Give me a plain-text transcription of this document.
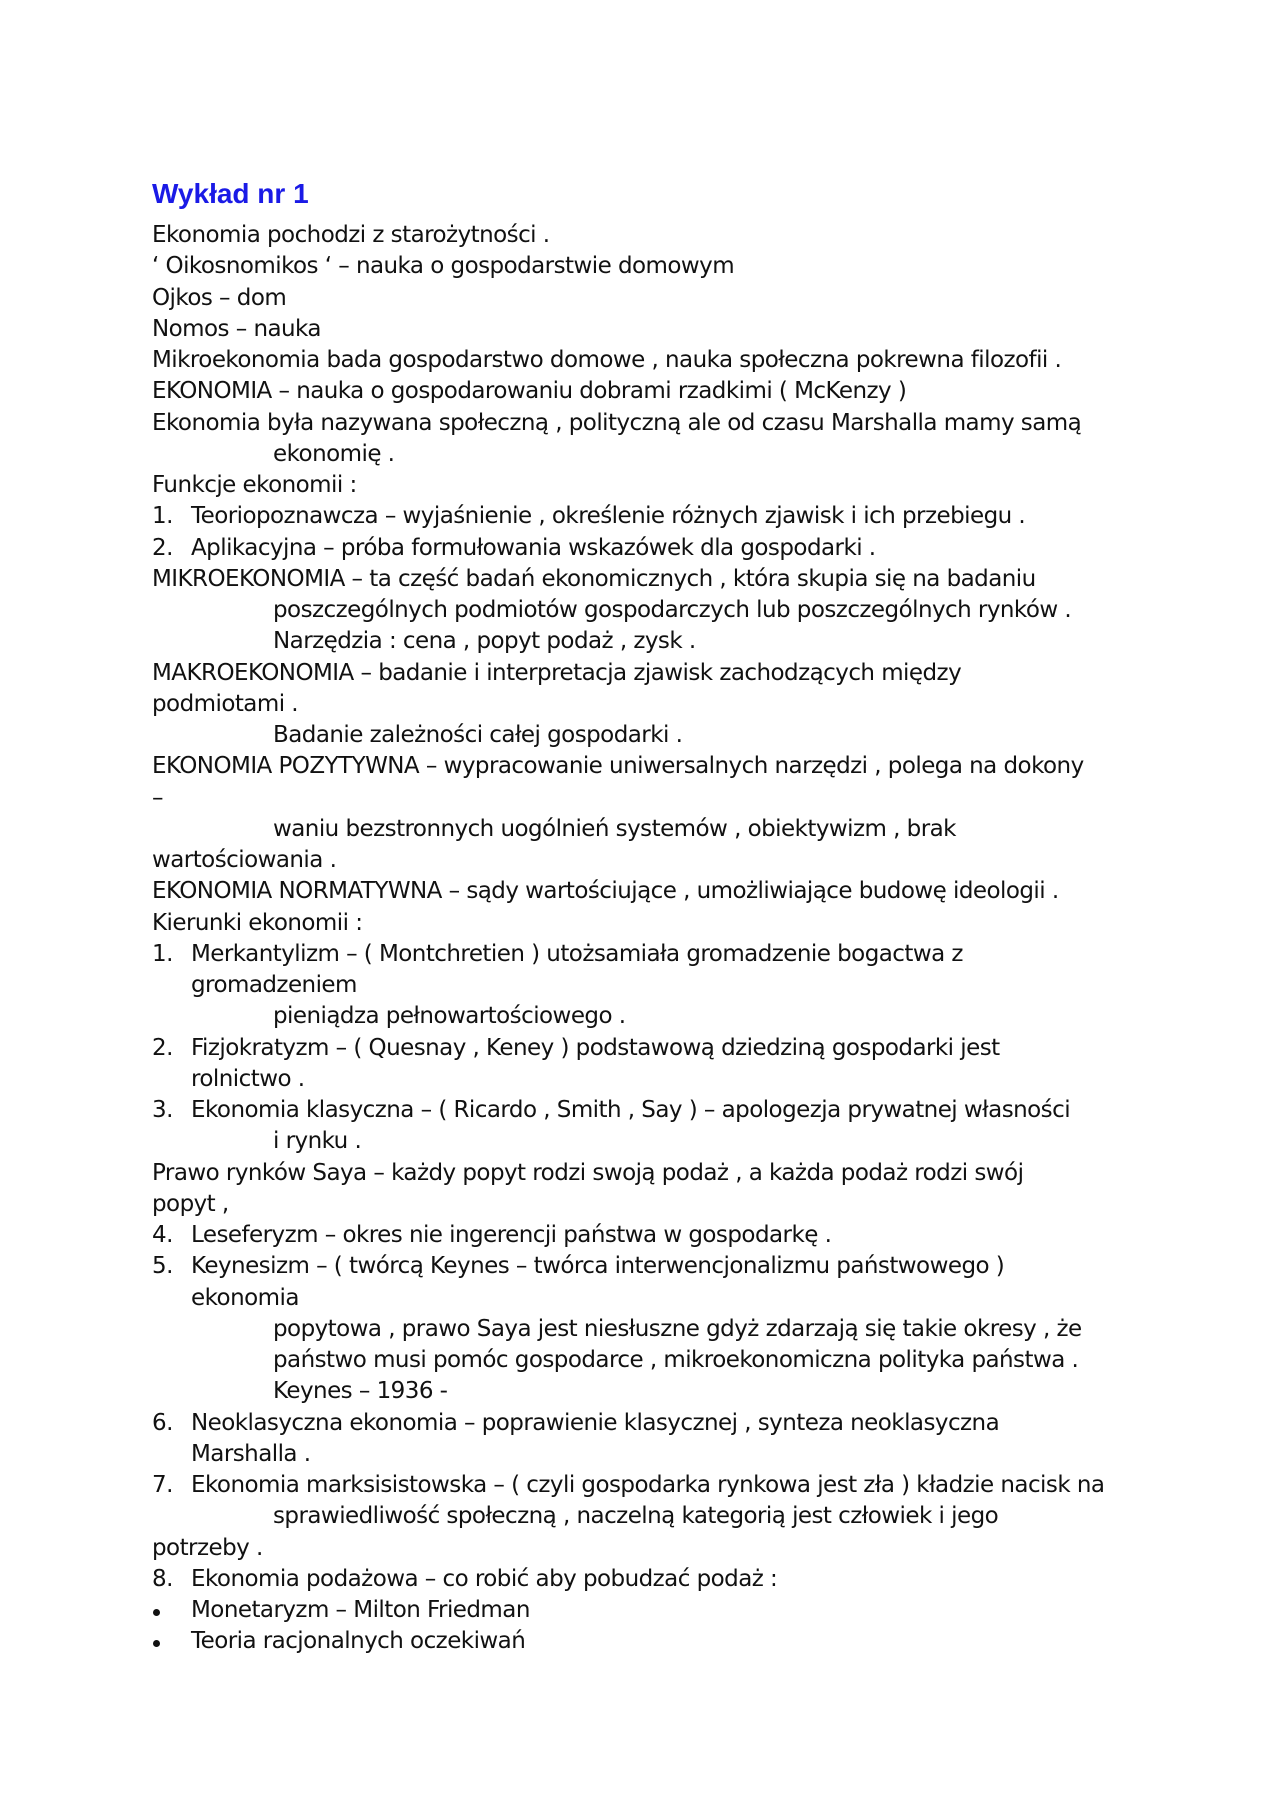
Wykład nr 1
Ekonomia pochodzi z starożytności .
‘ Oikosnomikos ‘ – nauka o gospodarstwie domowym
Ojkos – dom
Nomos – nauka
Mikroekonomia bada gospodarstwo domowe , nauka społeczna pokrewna filozofii .
EKONOMIA – nauka o gospodarowaniu dobrami rzadkimi ( McKenzy )
Ekonomia była nazywana społeczną , polityczną ale od czasu Marshalla mamy samą
ekonomię .
Funkcje ekonomii :
1. Teoriopoznawcza – wyjaśnienie , określenie różnych zjawisk i ich przebiegu .
2. Aplikacyjna – próba formułowania wskazówek dla gospodarki .
MIKROEKONOMIA – ta część badań ekonomicznych , która skupia się na badaniu
poszczególnych podmiotów gospodarczych lub poszczególnych rynków .
Narzędzia : cena , popyt podaż , zysk .
MAKROEKONOMIA – badanie i interpretacja zjawisk zachodzących między
podmiotami .
Badanie zależności całej gospodarki .
EKONOMIA POZYTYWNA – wypracowanie uniwersalnych narzędzi , polega na dokony
–
waniu bezstronnych uogólnień systemów , obiektywizm , brak
wartościowania .
EKONOMIA NORMATYWNA – sądy wartościujące , umożliwiające budowę ideologii .
Kierunki ekonomii :
1. Merkantylizm – ( Montchretien ) utożsamiała gromadzenie bogactwa z
gromadzeniem
pieniądza pełnowartościowego .
2. Fizjokratyzm – ( Quesnay , Keney ) podstawową dziedziną gospodarki jest
rolnictwo .
3. Ekonomia klasyczna – ( Ricardo , Smith , Say ) – apologezja prywatnej własności
i rynku .
Prawo rynków Saya – każdy popyt rodzi swoją podaż , a każda podaż rodzi swój
popyt ,
4. Leseferyzm – okres nie ingerencji państwa w gospodarkę .
5. Keynesizm – ( twórcą Keynes – twórca interwencjonalizmu państwowego )
ekonomia
popytowa , prawo Saya jest niesłuszne gdyż zdarzają się takie okresy , że
państwo musi pomóc gospodarce , mikroekonomiczna polityka państwa .
Keynes – 1936 -
6. Neoklasyczna ekonomia – poprawienie klasycznej , synteza neoklasyczna
Marshalla .
7. Ekonomia marksisistowska – ( czyli gospodarka rynkowa jest zła ) kładzie nacisk na
sprawiedliwość społeczną , naczelną kategorią jest człowiek i jego
potrzeby .
8. Ekonomia podażowa – co robić aby pobudzać podaż :
Monetaryzm – Milton Friedman
Teoria racjonalnych oczekiwań
